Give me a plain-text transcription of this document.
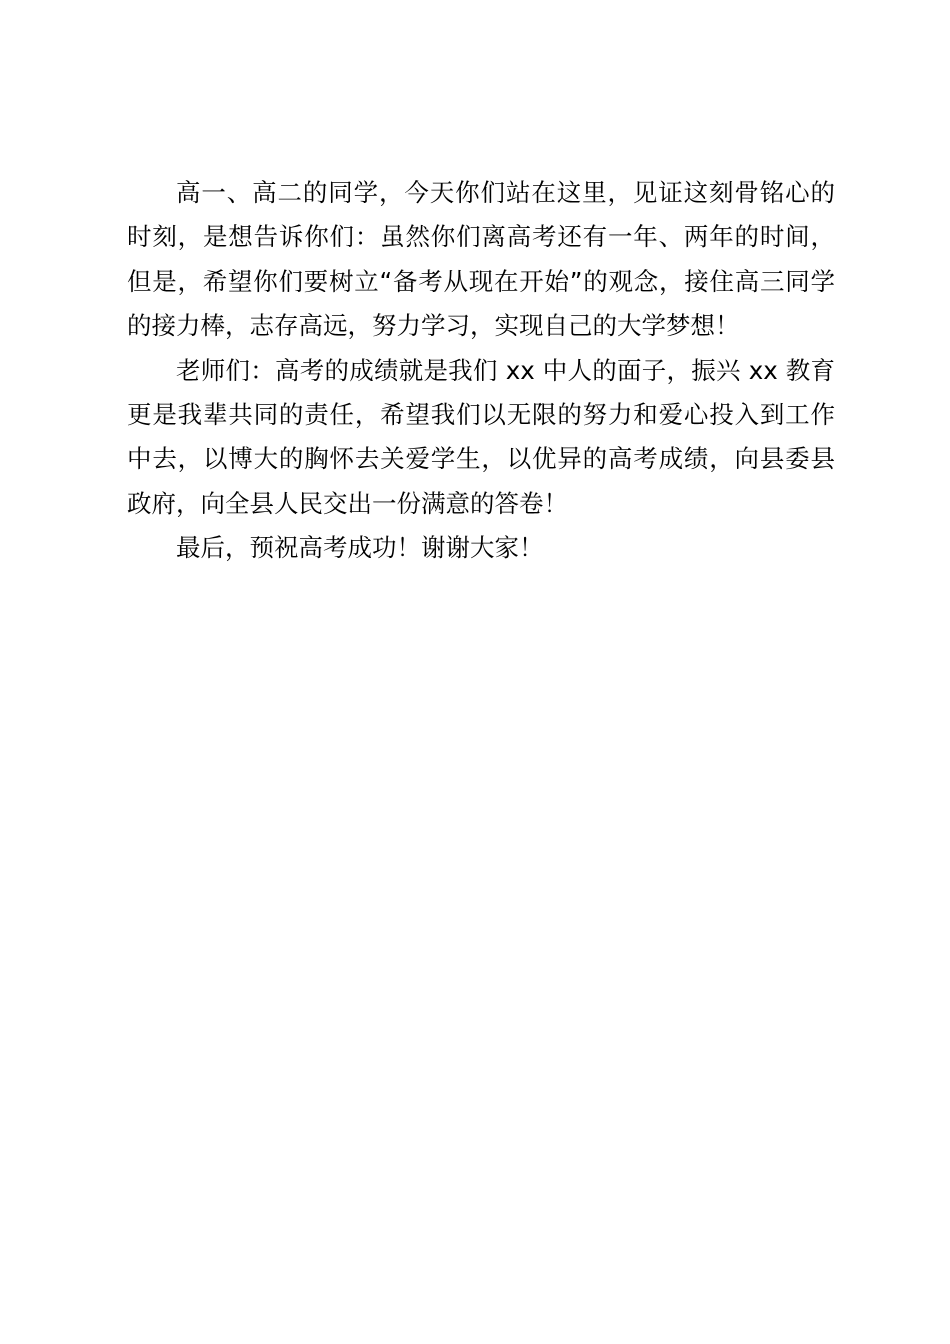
高一、高二的同学，今天你们站在这里，见证这刻骨铭心的时刻，是想告诉你们：虽然你们离高考还有一年、两年的时间，但是，希望你们要树立“备考从现在开始”的观念，接住高三同学的接力棒，志存高远，努力学习，实现自己的大学梦想！

老师们：高考的成绩就是我们 xx 中人的面子，振兴 xx 教育更是我辈共同的责任，希望我们以无限的努力和爱心投入到工作中去，以博大的胸怀去关爱学生，以优异的高考成绩，向县委县政府，向全县人民交出一份满意的答卷！

最后，预祝高考成功！谢谢大家！
